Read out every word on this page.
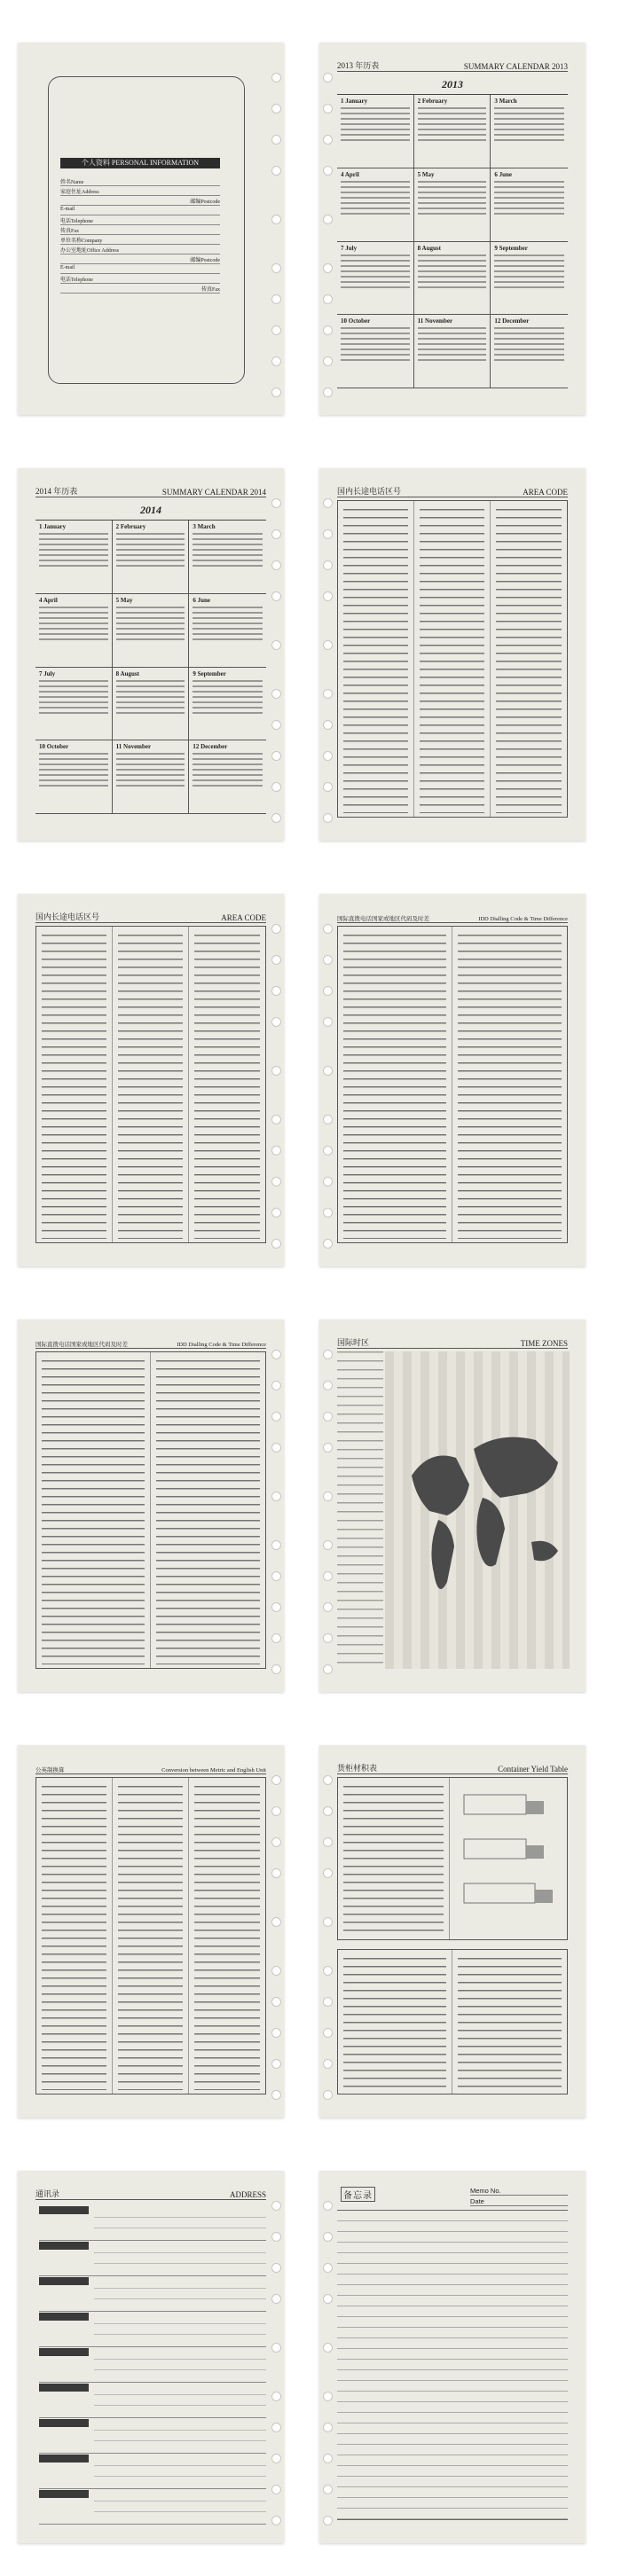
个人资料 PERSONAL INFORMATION
姓名Name
家庭住址Address
邮编Postcode
E-mail
电话Telephone
传真Fax
单位名称Company
办公室地址Office Address
邮编Postcode
E-mail
电话Telephone
传真Fax
2013 年历表	SUMMARY CALENDAR 2013
2013
1 January	2 February	3 March
4 April	5 May	6 June
7 July	8 August	9 September
10 October	11 November	12 December
2014 年历表	SUMMARY CALENDAR 2014
2014
1 January	2 February	3 March
4 April	5 May	6 June
7 July	8 August	9 September
10 October	11 November	12 December
国内长途电话区号	AREA CODE
国内长途电话区号	AREA CODE	国际直拨电话国家或地区代码及时差	IDD Dialling Code & Time Difference
国际直拨电话国家或地区代码及时差	IDD Dialling Code & Time Difference	国际时区	TIME ZONES
公英制换算	Conversion between Metric and English Unit	货柜材积表	Container Yield Table
通讯录	ADDRESS	备忘录
Memo No.
Date
